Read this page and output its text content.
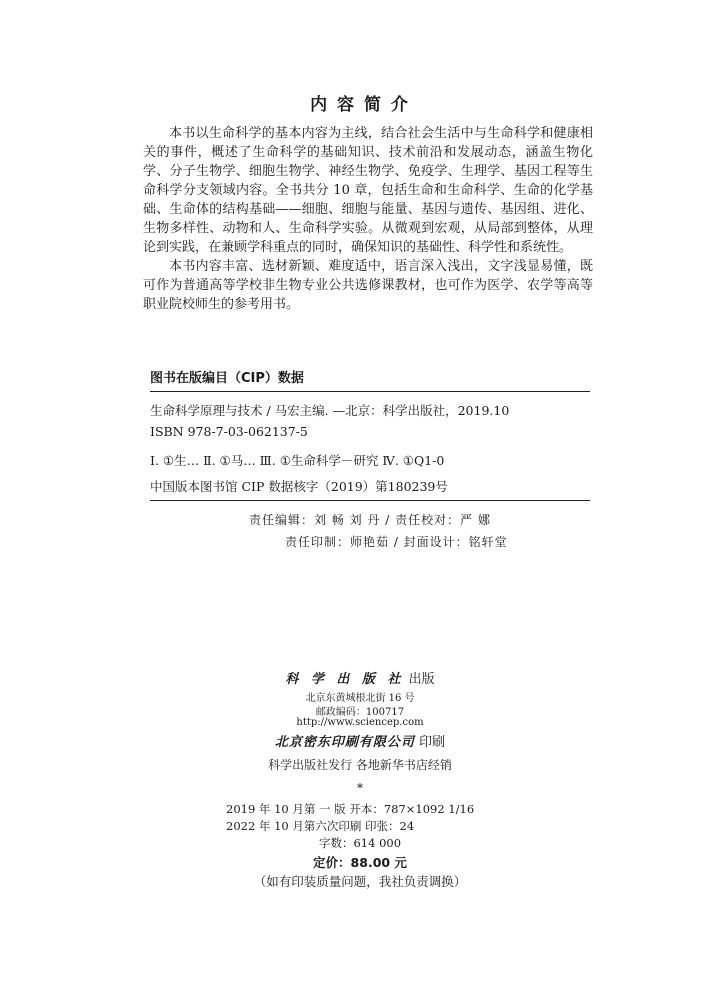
内 容 简 介

本书以生命科学的基本内容为主线，结合社会生活中与生命科学和健康相关的事件，概述了生命科学的基础知识、技术前沿和发展动态，涵盖生物化学、分子生物学、细胞生物学、神经生物学、免疫学、生理学、基因工程等生命科学分支领域内容。全书共分 10 章，包括生命和生命科学、生命的化学基础、生命体的结构基础——细胞、细胞与能量、基因与遗传、基因组、进化、生物多样性、动物和人、生命科学实验。从微观到宏观，从局部到整体，从理论到实践，在兼顾学科重点的同时，确保知识的基础性、科学性和系统性。

本书内容丰富、选材新颖、难度适中，语言深入浅出，文字浅显易懂，既可作为普通高等学校非生物专业公共选修课教材，也可作为医学、农学等高等职业院校师生的参考用书。

图书在版编目（CIP）数据
生命科学原理与技术 / 马宏主编. —北京：科学出版社，2019.10
ISBN 978-7-03-062137-5
Ⅰ. ①生… Ⅱ. ①马… Ⅲ. ①生命科学－研究 Ⅳ. ①Q1-0
中国版本图书馆 CIP 数据核字（2019）第180239号
责任编辑：刘 畅 刘 丹 / 责任校对：严 娜
责任印制：师艳茹 / 封面设计：铭轩堂
科 学 出 版 社 出版
北京东黄城根北街 16 号
邮政编码：100717
http://www.sciencep.com
北京密东印刷有限公司 印刷
科学出版社发行 各地新华书店经销
*
2019 年 10 月第 一 版 开本：787×1092 1/16
2022 年 10 月第六次印刷 印张：24
字数：614 000
定价：88.00 元
（如有印装质量问题，我社负责调换）
